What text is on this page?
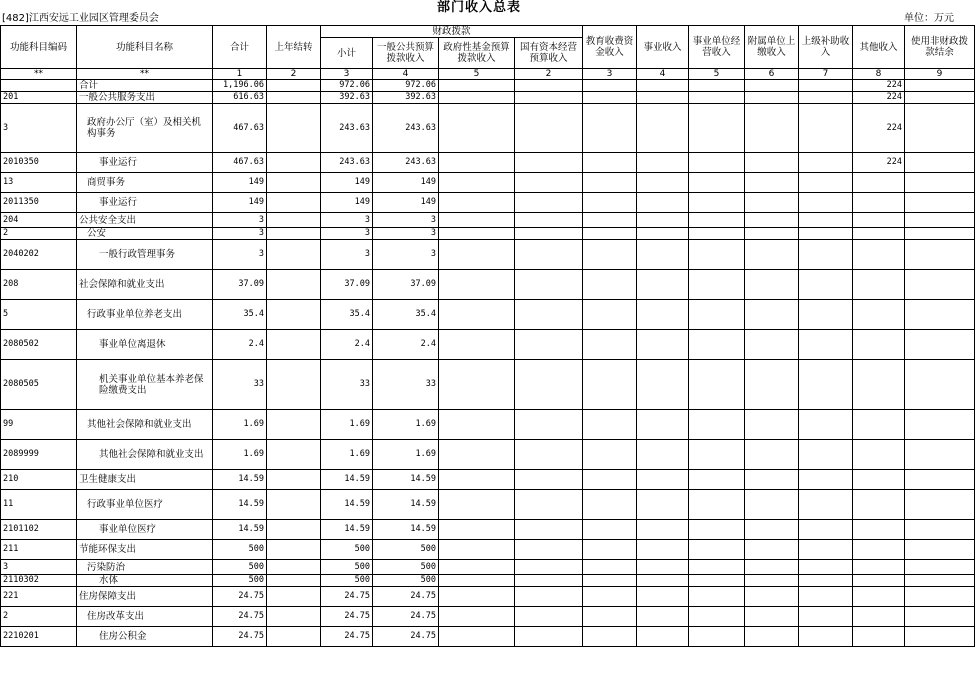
部门收入总表
[482]江西安远工业园区管理委员会	单位：万元
功能科目编码	功能科目名称	合计	上年结转	财政拨款				教育收费资金收入	事业收入	事业单位经营收入	附属单位上缴收入	上级补助收入	其他收入	使用非财政拨款结余
				小计	一般公共预算拨款收入	政府性基金预算拨款收入	国有资本经营预算收入							
**	**	1	2	3	4	5	2	3	4	5	6	7	8	9
	合计	1,196.06		972.06	972.06								224	
201	一般公共服务支出	616.63		392.63	392.63								224	
3	政府办公厅（室）及相关机构事务	467.63		243.63	243.63								224	
2010350	事业运行	467.63		243.63	243.63								224	
13	商贸事务	149		149	149									
2011350	事业运行	149		149	149									
204	公共安全支出	3		3	3									
2	公安	3		3	3									
2040202	一般行政管理事务	3		3	3									
208	社会保障和就业支出	37.09		37.09	37.09									
5	行政事业单位养老支出	35.4		35.4	35.4									
2080502	事业单位离退休	2.4		2.4	2.4									
2080505	机关事业单位基本养老保险缴费支出	33		33	33									
99	其他社会保障和就业支出	1.69		1.69	1.69									
2089999	其他社会保障和就业支出	1.69		1.69	1.69									
210	卫生健康支出	14.59		14.59	14.59									
11	行政事业单位医疗	14.59		14.59	14.59									
2101102	事业单位医疗	14.59		14.59	14.59									
211	节能环保支出	500		500	500									
3	污染防治	500		500	500									
2110302	水体	500		500	500									
221	住房保障支出	24.75		24.75	24.75									
2	住房改革支出	24.75		24.75	24.75									
2210201	住房公积金	24.75		24.75	24.75									
